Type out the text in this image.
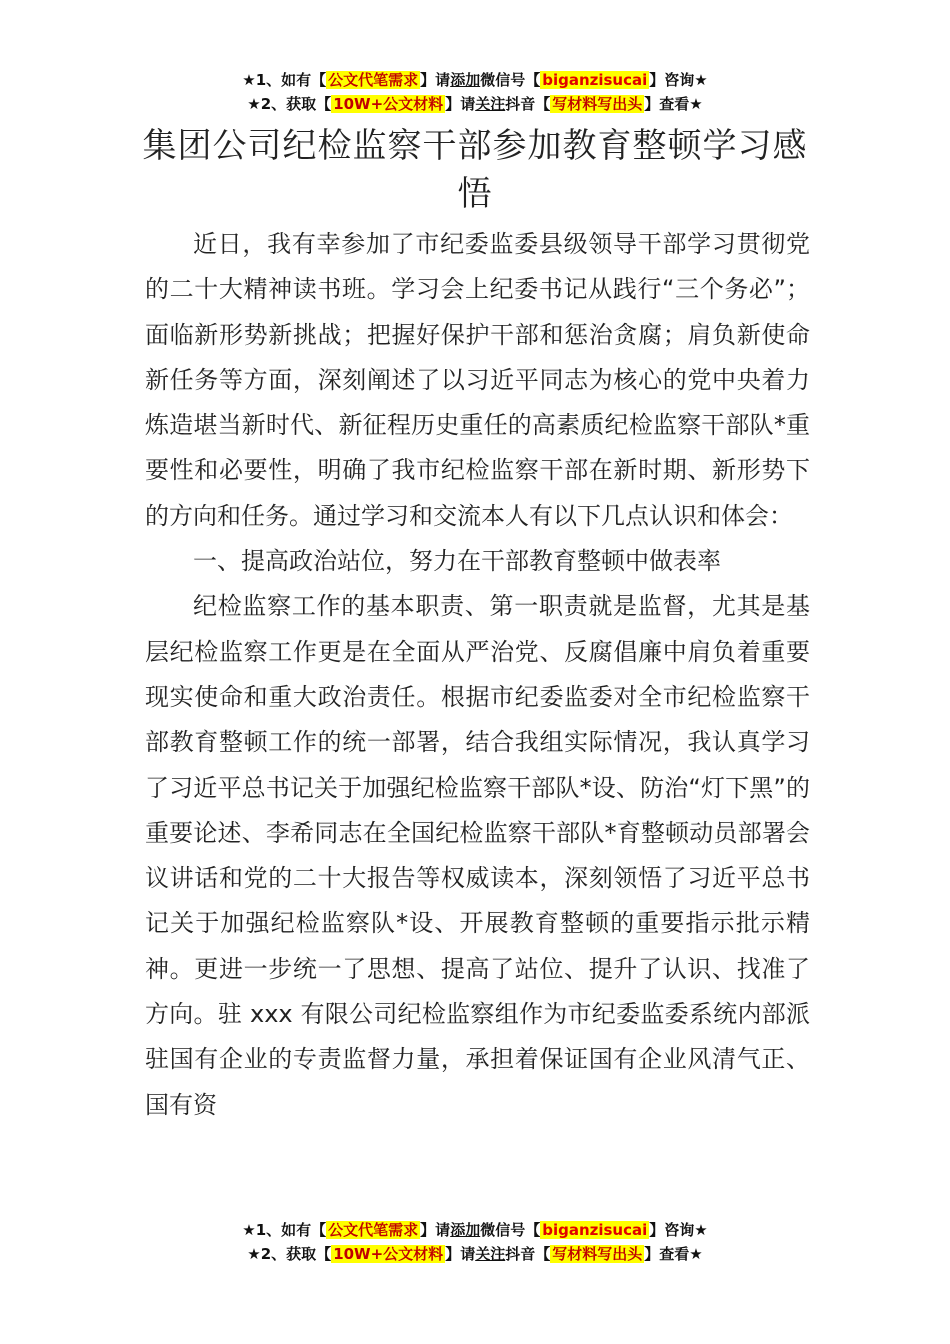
★1、如有【 公文代笔需求 】请添加微信号【 biganzisucai 】咨询★
★2、获取【 10W+公文材料 】请关注抖音【 写材料写出头 】查看★
集团公司纪检监察干部参加教育整顿学习感悟

近日，我有幸参加了市纪委监委县级领导干部学习贯彻党的二十大精神读书班。学习会上纪委书记从践行“三个务必”；面临新形势新挑战；把握好保护干部和惩治贪腐；肩负新使命新任务等方面，深刻阐述了以习近平同志为核心的党中央着力炼造堪当新时代、新征程历史重任的高素质纪检监察干部队*重要性和必要性，明确了我市纪检监察干部在新时期、新形势下的方向和任务。通过学习和交流本人有以下几点认识和体会：

一、提高政治站位，努力在干部教育整顿中做表率

纪检监察工作的基本职责、第一职责就是监督，尤其是基层纪检监察工作更是在全面从严治党、反腐倡廉中肩负着重要现实使命和重大政治责任。根据市纪委监委对全市纪检监察干部教育整顿工作的统一部署，结合我组实际情况，我认真学习了习近平总书记关于加强纪检监察干部队*设、防治“灯下黑”的重要论述、李希同志在全国纪检监察干部队*育整顿动员部署会议讲话和党的二十大报告等权威读本，深刻领悟了习近平总书记关于加强纪检监察队*设、开展教育整顿的重要指示批示精神。更进一步统一了思想、提高了站位、提升了认识、找准了方向。驻 xxx 有限公司纪检监察组作为市纪委监委系统内部派驻国有企业的专责监督力量，承担着保证国有企业风清气正、国有资

★1、如有【 公文代笔需求 】请添加微信号【 biganzisucai 】咨询★
★2、获取【 10W+公文材料 】请关注抖音【 写材料写出头 】查看★
